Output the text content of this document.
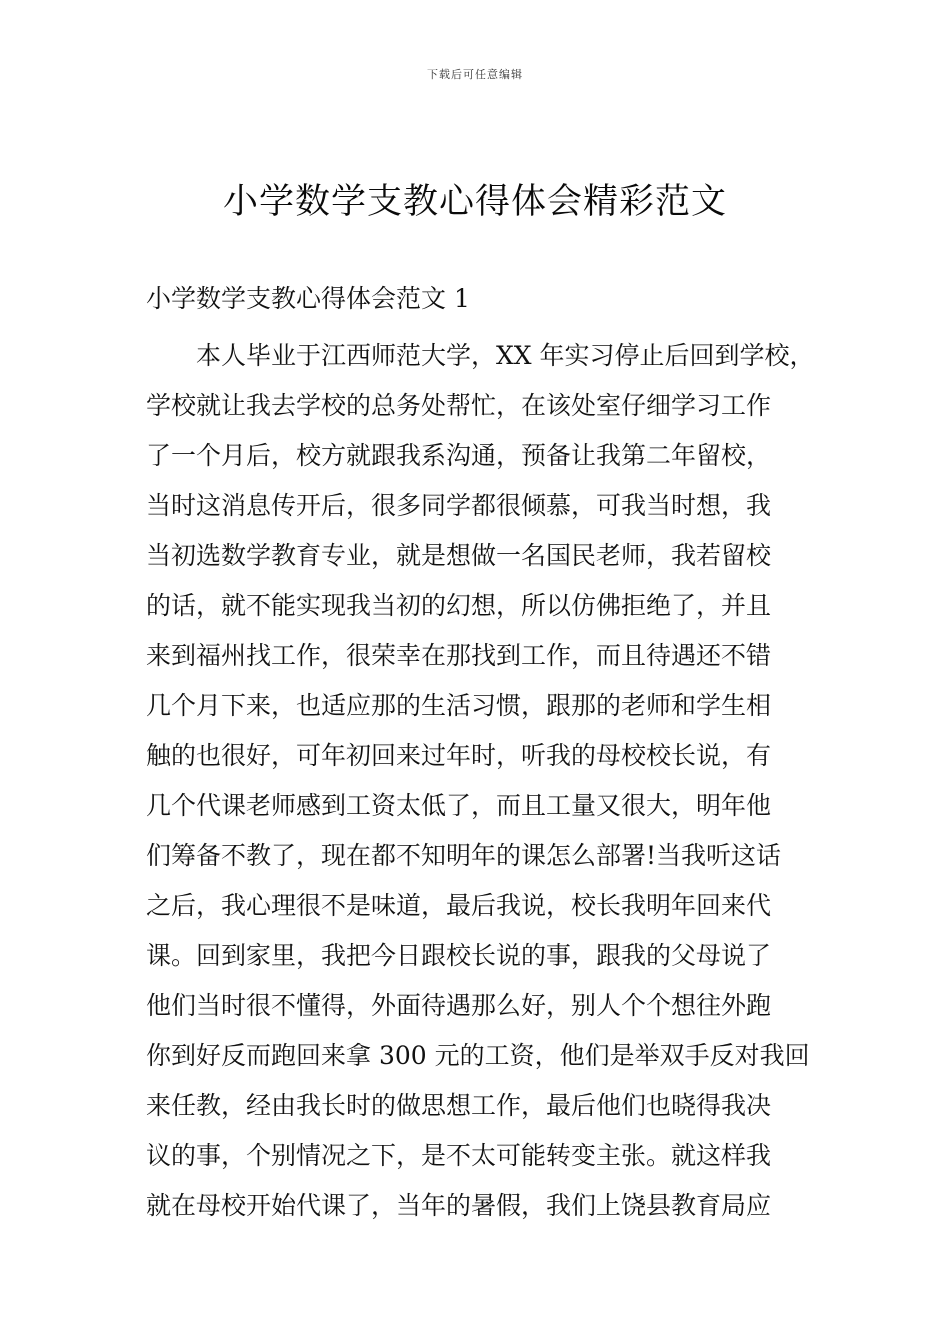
下载后可任意编辑
小学数学支教心得体会精彩范文
小学数学支教心得体会范文 1
本人毕业于江西师范大学，XX 年实习停止后回到学校，
学校就让我去学校的总务处帮忙，在该处室仔细学习工作
了一个月后，校方就跟我系沟通，预备让我第二年留校，
当时这消息传开后，很多同学都很倾慕，可我当时想，我
当初选数学教育专业，就是想做一名国民老师，我若留校
的话，就不能实现我当初的幻想，所以仿佛拒绝了，并且
来到福州找工作，很荣幸在那找到工作，而且待遇还不错
几个月下来，也适应那的生活习惯，跟那的老师和学生相
触的也很好，可年初回来过年时，听我的母校校长说，有
几个代课老师感到工资太低了，而且工量又很大，明年他
们筹备不教了，现在都不知明年的课怎么部署!当我听这话
之后，我心理很不是味道，最后我说，校长我明年回来代
课。回到家里，我把今日跟校长说的事，跟我的父母说了
他们当时很不懂得，外面待遇那么好，别人个个想往外跑
你到好反而跑回来拿 300 元的工资，他们是举双手反对我回
来任教，经由我长时的做思想工作，最后他们也晓得我决
议的事，个别情况之下，是不太可能转变主张。就这样我
就在母校开始代课了，当年的暑假，我们上饶县教育局应
